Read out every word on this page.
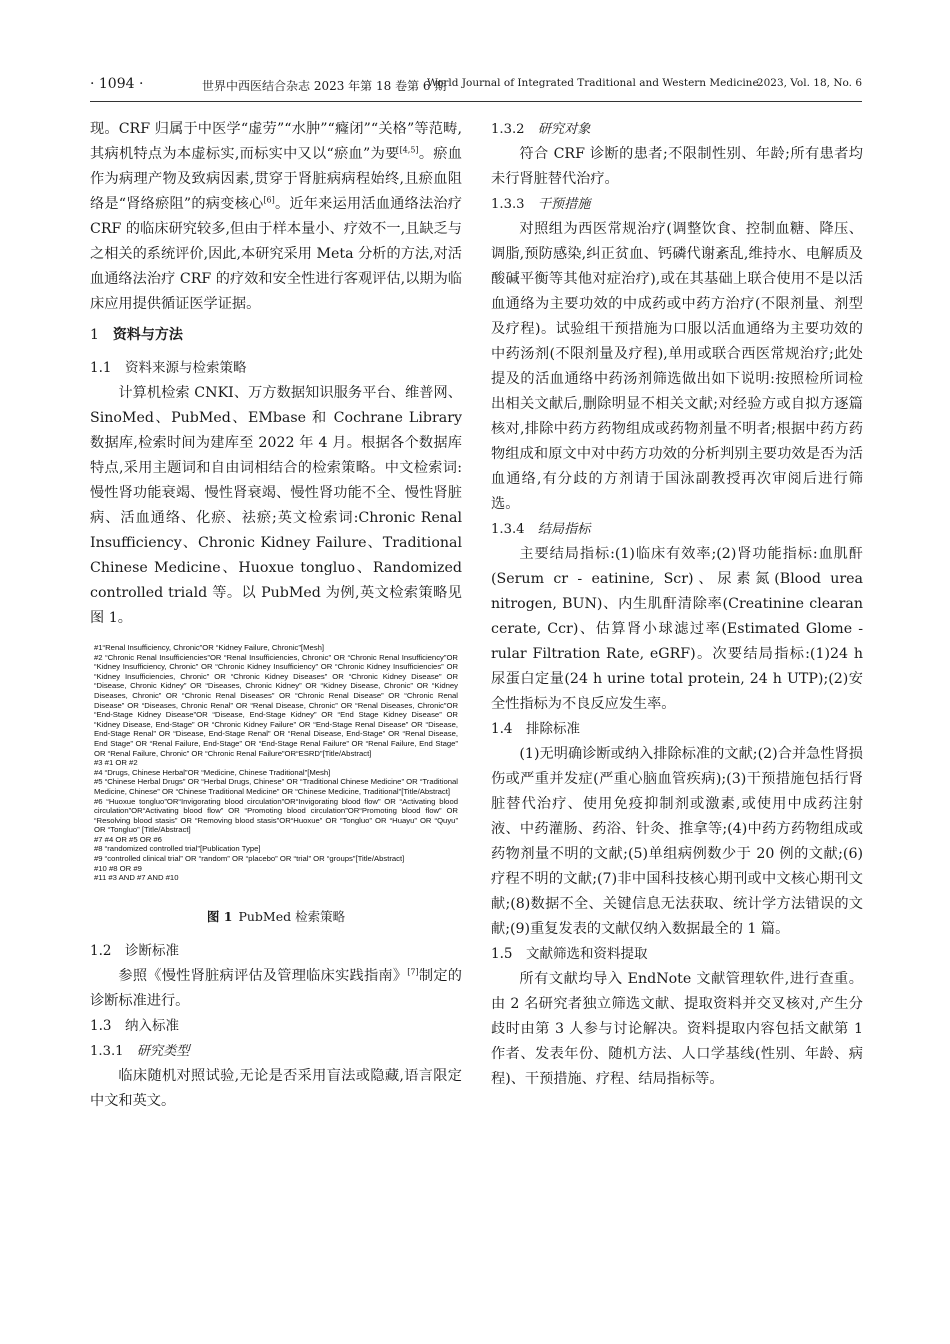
· 1094 ·	世界中西医结合杂志 2023 年第 18 卷第 6 期
World Journal of Integrated Traditional and Western Medicine
2023, Vol. 18, No. 6

现。CRF 归属于中医学“虚劳”“水肿”“癃闭”“关格”等范畴,其病机特点为本虚标实,而标实中又以“瘀血”为要[4,5]。瘀血作为病理产物及致病因素,贯穿于肾脏病病程始终,且瘀血阻络是“肾络瘀阻”的病变核心[6]。近年来运用活血通络法治疗 CRF 的临床研究较多,但由于样本量小、疗效不一,且缺乏与之相关的系统评价,因此,本研究采用 Meta 分析的方法,对活血通络法治疗 CRF 的疗效和安全性进行客观评估,以期为临床应用提供循证医学证据。

1 资料与方法
1.1 资料来源与检索策略

计算机检索 CNKI、万方数据知识服务平台、维普网、SinoMed、PubMed、EMbase 和 Cochrane Library 数据库,检索时间为建库至 2022 年 4 月。根据各个数据库特点,采用主题词和自由词相结合的检索策略。中文检索词:慢性肾功能衰竭、慢性肾衰竭、慢性肾功能不全、慢性肾脏病、活血通络、化瘀、祛瘀;英文检索词:Chronic Renal Insufficiency、Chronic Kidney Failure、Traditional Chinese Medicine、Huoxue tongluo、Randomized controlled triald 等。以 PubMed 为例,英文检索策略见图 1。

#1“Renal Insufficiency, Chronic”OR “Kidney Failure, Chronic”[Mesh]
#2 “Chronic Renal Insufficiencies”OR “Renal Insufficiencies, Chronic” OR “Chronic Renal Insufficiency”OR “Kidney Insufficiency, Chronic” OR “Chronic Kidney Insufficiency” OR “Chronic Kidney Insufficiencies” OR “Kidney Insufficiencies, Chronic” OR “Chronic Kidney Diseases” OR “Chronic Kidney Disease” OR “Disease, Chronic Kidney” OR “Diseases, Chronic Kidney” OR “Kidney Disease, Chronic” OR “Kidney Diseases, Chronic” OR “Chronic Renal Diseases” OR “Chronic Renal Disease” OR “Chronic Renal Disease” OR “Diseases, Chronic Renal” OR “Renal Disease, Chronic” OR “Renal Diseases, Chronic”OR “End-Stage Kidney Disease”OR “Disease, End-Stage Kidney” OR “End Stage Kidney Disease” OR “Kidney Disease, End-Stage” OR “Chronic Kidney Failure” OR “End-Stage Renal Disease” OR “Disease, End-Stage Renal” OR “Disease, End-Stage Renal” OR “Renal Disease, End-Stage” OR “Renal Disease, End Stage” OR “Renal Failure, End-Stage” OR “End-Stage Renal Failure” OR “Renal Failure, End Stage” OR “Renal Failure, Chronic” OR “Chronic Renal Failure”OR“ESRD”[Title/Abstract]
#3 #1 OR #2
#4 “Drugs, Chinese Herbal”OR “Medicine, Chinese Traditional”[Mesh]
#5 “Chinese Herbal Drugs” OR “Herbal Drugs, Chinese” OR “Traditional Chinese Medicine” OR “Traditional Medicine, Chinese” OR “Chinese Traditional Medicine” OR “Chinese Medicine, Traditional”[Title/Abstract]
#6 “Huoxue tongluo”OR“Invigorating blood circulation”OR“Invigorating blood flow” OR “Activating blood circulation”OR“Activating blood flow” OR “Promoting blood circulation”OR“Promoting blood flow” OR “Resolving blood stasis” OR “Removing blood stasis”OR“Huoxue” OR “Tongluo” OR “Huayu” OR “Quyu” OR “Tongluo” [Title/Abstract]
#7 #4 OR #5 OR #6
#8 “randomized controlled trial”[Publication Type]
#9 “controlled clinical trial” OR “random” OR “placebo” OR “trial” OR “groups”[Title/Abstract]
#10 #8 OR #9
#11 #3 AND #7 AND #10
图 1 PubMed 检索策略
1.2 诊断标准

参照《慢性肾脏病评估及管理临床实践指南》[7]制定的诊断标准进行。

1.3 纳入标准
1.3.1 研究类型

临床随机对照试验,无论是否采用盲法或隐藏,语言限定中文和英文。

1.3.2 研究对象

符合 CRF 诊断的患者;不限制性别、年龄;所有患者均未行肾脏替代治疗。

1.3.3 干预措施

对照组为西医常规治疗(调整饮食、控制血糖、降压、调脂,预防感染,纠正贫血、钙磷代谢紊乱,维持水、电解质及酸碱平衡等其他对症治疗),或在其基础上联合使用不是以活血通络为主要功效的中成药或中药方治疗(不限剂量、剂型及疗程)。试验组干预措施为口服以活血通络为主要功效的中药汤剂(不限剂量及疗程),单用或联合西医常规治疗;此处提及的活血通络中药汤剂筛选做出如下说明:按照检所词检出相关文献后,删除明显不相关文献;对经验方或自拟方逐篇核对,排除中药方药物组成或药物剂量不明者;根据中药方药物组成和原文中对中药方功效的分析判别主要功效是否为活血通络,有分歧的方剂请于国泳副教授再次审阅后进行筛选。

1.3.4 结局指标

主要结局指标:(1)临床有效率;(2)肾功能指标:血肌酐(Serum cr - eatinine, Scr)、尿素氮(Blood urea nitrogen, BUN)、内生肌酐清除率(Creatinine clearan cerate, Ccr)、估算肾小球滤过率(Estimated Glome - rular Filtration Rate, eGRF)。次要结局指标:(1)24 h 尿蛋白定量(24 h urine total protein, 24 h UTP);(2)安全性指标为不良反应发生率。

1.4 排除标准

(1)无明确诊断或纳入排除标准的文献;(2)合并急性肾损伤或严重并发症(严重心脑血管疾病);(3)干预措施包括行肾脏替代治疗、使用免疫抑制剂或激素,或使用中成药注射液、中药灌肠、药浴、针灸、推拿等;(4)中药方药物组成或药物剂量不明的文献;(5)单组病例数少于 20 例的文献;(6)疗程不明的文献;(7)非中国科技核心期刊或中文核心期刊文献;(8)数据不全、关键信息无法获取、统计学方法错误的文献;(9)重复发表的文献仅纳入数据最全的 1 篇。

1.5 文献筛选和资料提取

所有文献均导入 EndNote 文献管理软件,进行查重。由 2 名研究者独立筛选文献、提取资料并交叉核对,产生分歧时由第 3 人参与讨论解决。资料提取内容包括文献第 1 作者、发表年份、随机方法、人口学基线(性别、年龄、病程)、干预措施、疗程、结局指标等。
